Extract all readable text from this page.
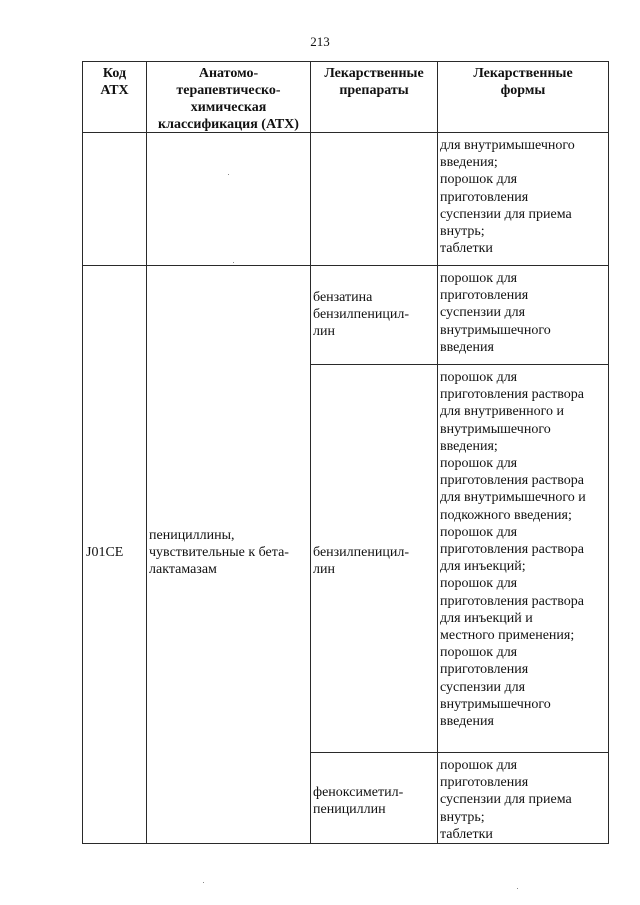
213
Код
АТХ
Анатомо-
терапевтическо-
химическая
классификация (АТХ)
Лекарственные
препараты
Лекарственные
формы
для внутримышечного
введения;
порошок для
приготовления
суспензии для приема
внутрь;
таблетки
J01CE
пенициллины,
чувствительные к бета-
лактамазам
бензатина
бензилпеницил-
лин
порошок для
приготовления
суспензии для
внутримышечного
введения
бензилпеницил-
лин
порошок для
приготовления раствора
для внутривенного и
внутримышечного
введения;
порошок для
приготовления раствора
для внутримышечного и
подкожного введения;
порошок для
приготовления раствора
для инъекций;
порошок для
приготовления раствора
для инъекций и
местного применения;
порошок для
приготовления
суспензии для
внутримышечного
введения
феноксиметил-
пенициллин
порошок для
приготовления
суспензии для приема
внутрь;
таблетки
